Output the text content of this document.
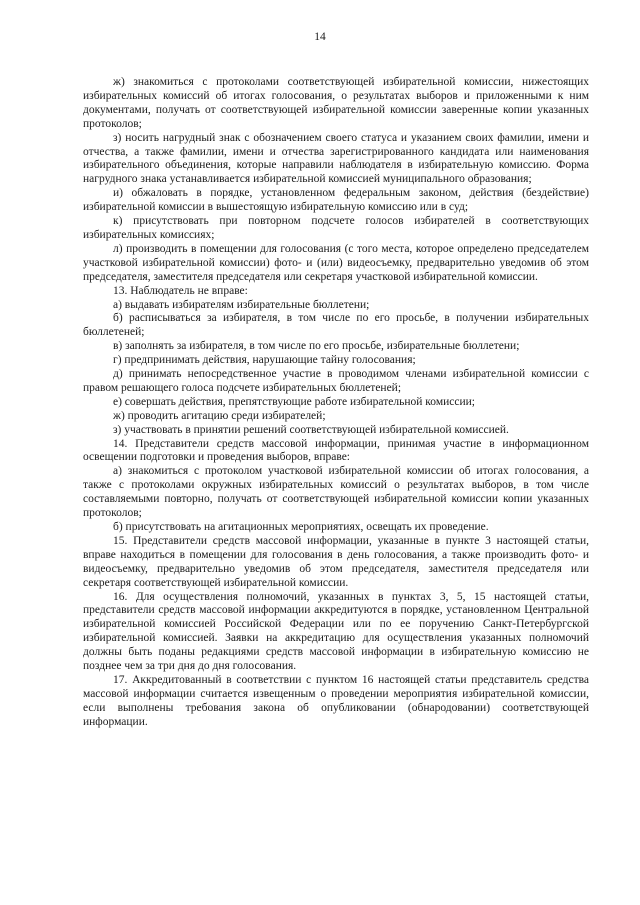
14

ж) знакомиться с протоколами соответствующей избирательной комиссии, нижестоящих избирательных комиссий об итогах голосования, о результатах выборов и приложенными к ним документами, получать от соответствующей избирательной комиссии заверенные копии указанных протоколов;

з) носить нагрудный знак с обозначением своего статуса и указанием своих фамилии, имени и отчества, а также фамилии, имени и отчества зарегистрированного кандидата или наименования избирательного объединения, которые направили наблюдателя в избирательную комиссию. Форма нагрудного знака устанавливается избирательной комиссией муниципального образования;

и) обжаловать в порядке, установленном федеральным законом, действия (бездействие) избирательной комиссии в вышестоящую избирательную комиссию или в суд;

к) присутствовать при повторном подсчете голосов избирателей в соответствующих избирательных комиссиях;

л) производить в помещении для голосования (с того места, которое определено председателем участковой избирательной комиссии) фото- и (или) видеосъемку, предварительно уведомив об этом председателя, заместителя председателя или секретаря участковой избирательной комиссии.

13. Наблюдатель не вправе:

а) выдавать избирателям избирательные бюллетени;

б) расписываться за избирателя, в том числе по его просьбе, в получении избирательных бюллетеней;

в) заполнять за избирателя, в том числе по его просьбе, избирательные бюллетени;

г) предпринимать действия, нарушающие тайну голосования;

д) принимать непосредственное участие в проводимом членами избирательной комиссии с правом решающего голоса подсчете избирательных бюллетеней;

е) совершать действия, препятствующие работе избирательной комиссии;

ж) проводить агитацию среди избирателей;

з) участвовать в принятии решений соответствующей избирательной комиссией.

14. Представители средств массовой информации, принимая участие в информационном освещении подготовки и проведения выборов, вправе:

а) знакомиться с протоколом участковой избирательной комиссии об итогах голосования, а также с протоколами окружных избирательных комиссий о результатах выборов, в том числе составляемыми повторно, получать от соответствующей избирательной комиссии копии указанных протоколов;

б) присутствовать на агитационных мероприятиях, освещать их проведение.

15. Представители средств массовой информации, указанные в пункте 3 настоящей статьи, вправе находиться в помещении для голосования в день голосования, а также производить фото- и видеосъемку, предварительно уведомив об этом председателя, заместителя председателя или секретаря соответствующей избирательной комиссии.

16. Для осуществления полномочий, указанных в пунктах 3, 5, 15 настоящей статьи, представители средств массовой информации аккредитуются в порядке, установленном Центральной избирательной комиссией Российской Федерации или по ее поручению Санкт-Петербургской избирательной комиссией. Заявки на аккредитацию для осуществления указанных полномочий должны быть поданы редакциями средств массовой информации в избирательную комиссию не позднее чем за три дня до дня голосования.

17. Аккредитованный в соответствии с пунктом 16 настоящей статьи представитель средства массовой информации считается извещенным о проведении мероприятия избирательной комиссии, если выполнены требования закона об опубликовании (обнародовании) соответствующей информации.
